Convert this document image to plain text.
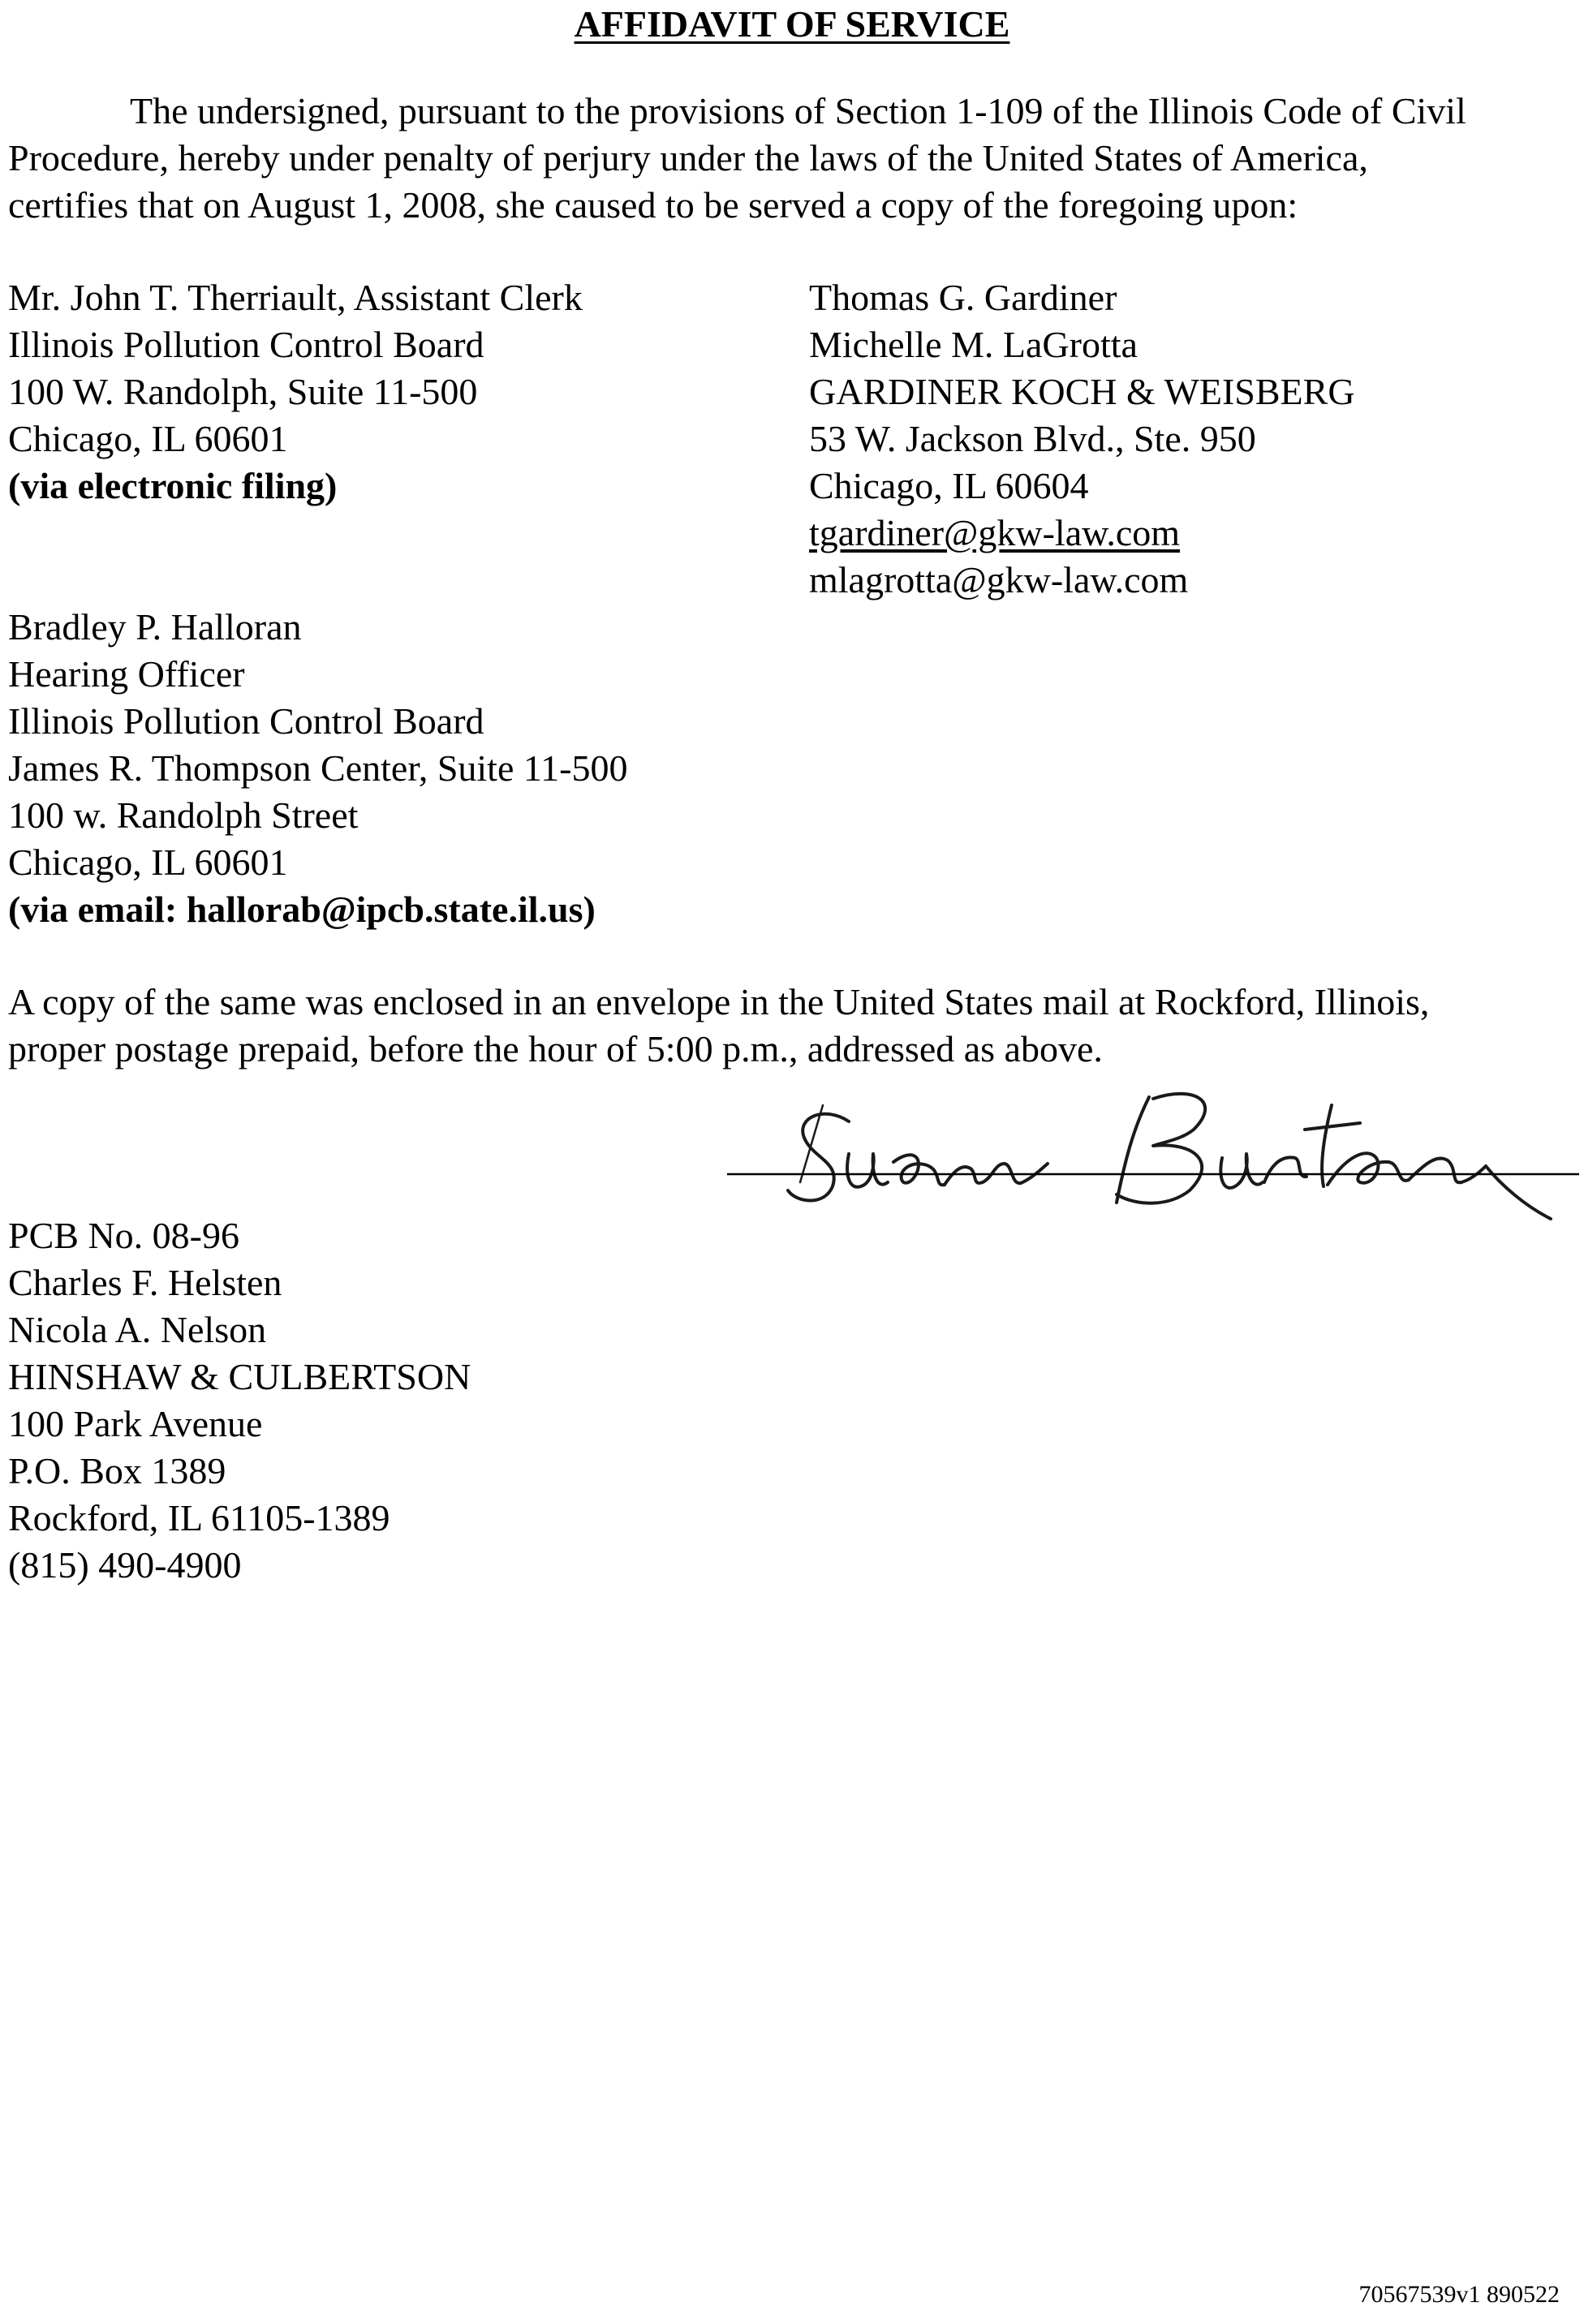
AFFIDAVIT OF SERVICE

The undersigned, pursuant to the provisions of Section 1-109 of the Illinois Code of Civil
Procedure, hereby under penalty of perjury under the laws of the United States of America,
certifies that on August 1, 2008, she caused to be served a copy of the foregoing upon:

Mr. John T. Therriault, Assistant Clerk
Illinois Pollution Control Board
100 W. Randolph, Suite 11-500
Chicago, IL 60601
(via electronic filing)
Thomas G. Gardiner
Michelle M. LaGrotta
GARDINER KOCH & WEISBERG
53 W. Jackson Blvd., Ste. 950
Chicago, IL 60604
tgardiner@gkw-law.com
mlagrotta@gkw-law.com
Bradley P. Halloran
Hearing Officer
Illinois Pollution Control Board
James R. Thompson Center, Suite 11-500
100 w. Randolph Street
Chicago, IL 60601
(via email: hallorab@ipcb.state.il.us)

A copy of the same was enclosed in an envelope in the United States mail at Rockford, Illinois,
proper postage prepaid, before the hour of 5:00 p.m., addressed as above.

PCB No. 08-96
Charles F. Helsten
Nicola A. Nelson
HINSHAW & CULBERTSON
100 Park Avenue
P.O. Box 1389
Rockford, IL 61105-1389
(815) 490-4900
70567539v1 890522
